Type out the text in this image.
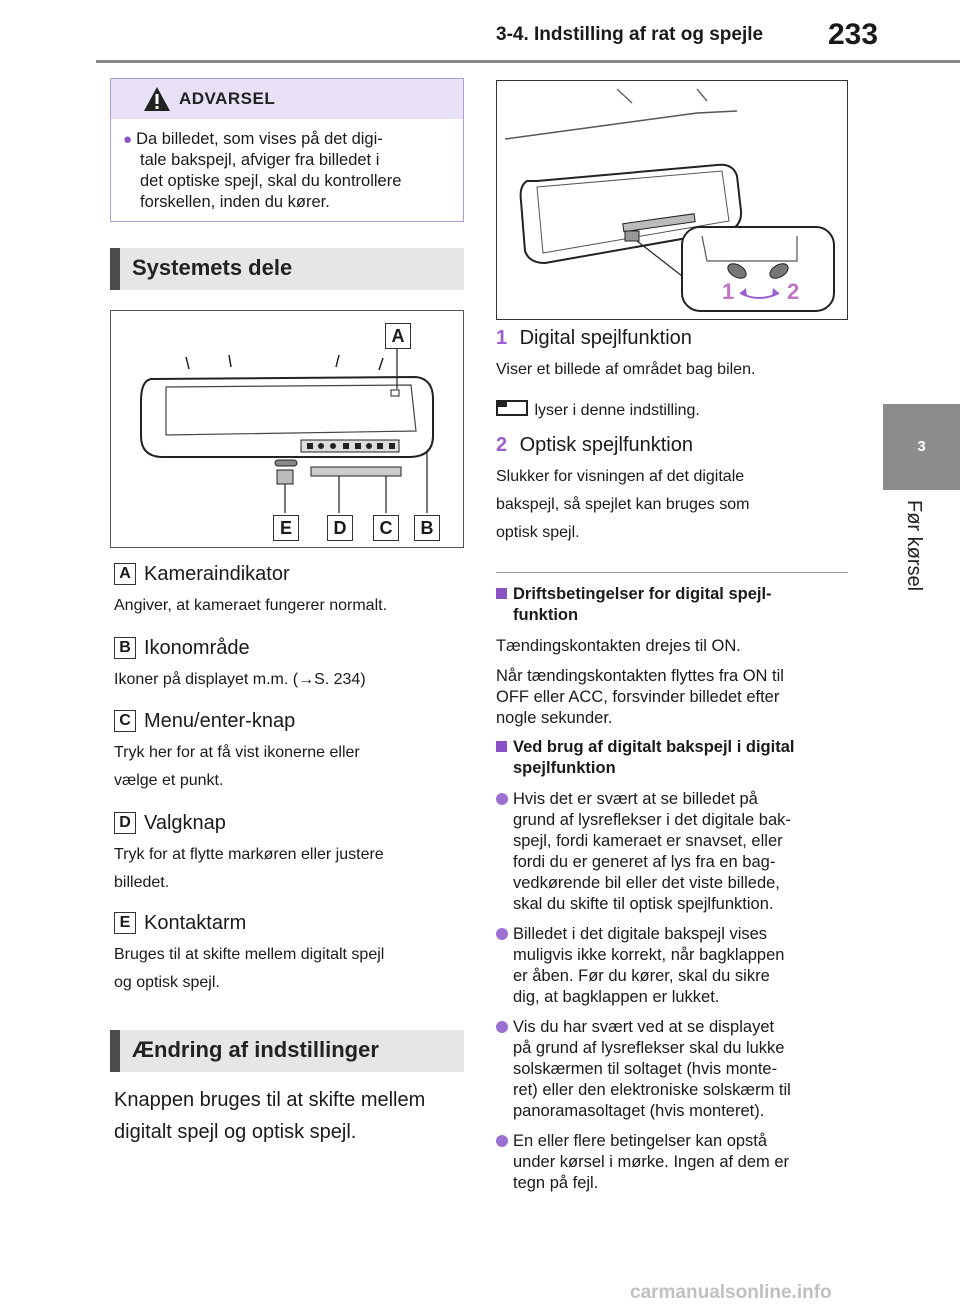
3-4. Indstilling af rat og spejle 233
3
Før kørsel
ADVARSEL
● Da billedet, som vises på det digi-
tale bakspejl, afviger fra billedet i
det optiske spejl, skal du kontrollere
forskellen, inden du kører.
Systemets dele
A
E	D	C	B
A Kameraindikator
Angiver, at kameraet fungerer normalt.
B Ikonområde
Ikoner på displayet m.m. (→S. 234)
C Menu/enter-knap
Tryk her for at få vist ikonerne eller
vælge et punkt.
D Valgknap
Tryk for at flytte markøren eller justere
billedet.
E Kontaktarm
Bruges til at skifte mellem digitalt spejl
og optisk spejl.
Ændring af indstillinger
Knappen bruges til at skifte mellem
digitalt spejl og optisk spejl.
1 2
1 Digital spejlfunktion
Viser et billede af området bag bilen.
lyser i denne indstilling.
2 Optisk spejlfunktion
Slukker for visningen af det digitale
bakspejl, så spejlet kan bruges som
optisk spejl.
Driftsbetingelser for digital spejl-
funktion
Tændingskontakten drejes til ON.
Når tændingskontakten flyttes fra ON til
OFF eller ACC, forsvinder billedet efter
nogle sekunder.
Ved brug af digitalt bakspejl i digital
spejlfunktion
Hvis det er svært at se billedet på
grund af lysreflekser i det digitale bak-
spejl, fordi kameraet er snavset, eller
fordi du er generet af lys fra en bag-
vedkørende bil eller det viste billede,
skal du skifte til optisk spejlfunktion.
Billedet i det digitale bakspejl vises
muligvis ikke korrekt, når bagklappen
er åben. Før du kører, skal du sikre
dig, at bagklappen er lukket.
Vis du har svært ved at se displayet
på grund af lysreflekser skal du lukke
solskærmen til soltaget (hvis monte-
ret) eller den elektroniske solskærm til
panoramasoltaget (hvis monteret).
En eller flere betingelser kan opstå
under kørsel i mørke. Ingen af dem er
tegn på fejl.
carmanualsonline.info
